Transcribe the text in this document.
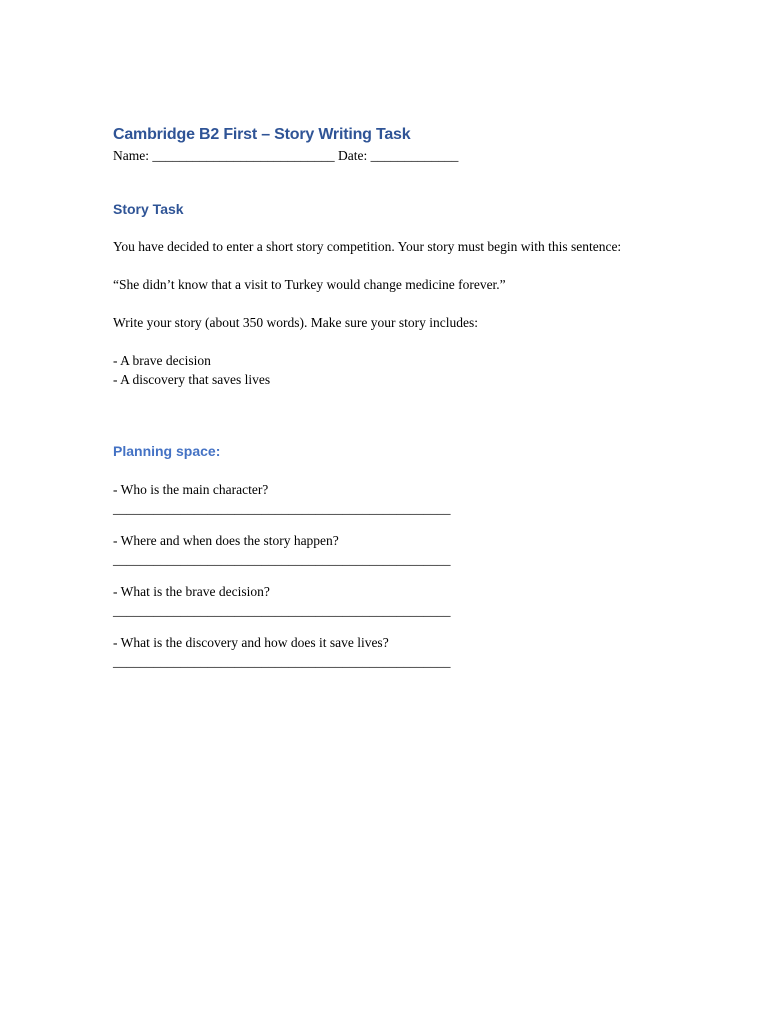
Cambridge B2 First – Story Writing Task

Name: ___________________________ Date: _____________

Story Task

You have decided to enter a short story competition. Your story must begin with this sentence:

“She didn’t know that a visit to Turkey would change medicine forever.”

Write your story (about 350 words). Make sure your story includes:

- A brave decision

- A discovery that saves lives

Planning space:

- Who is the main character?

__________________________________________________

- Where and when does the story happen?

__________________________________________________

- What is the brave decision?

__________________________________________________

- What is the discovery and how does it save lives?

__________________________________________________
